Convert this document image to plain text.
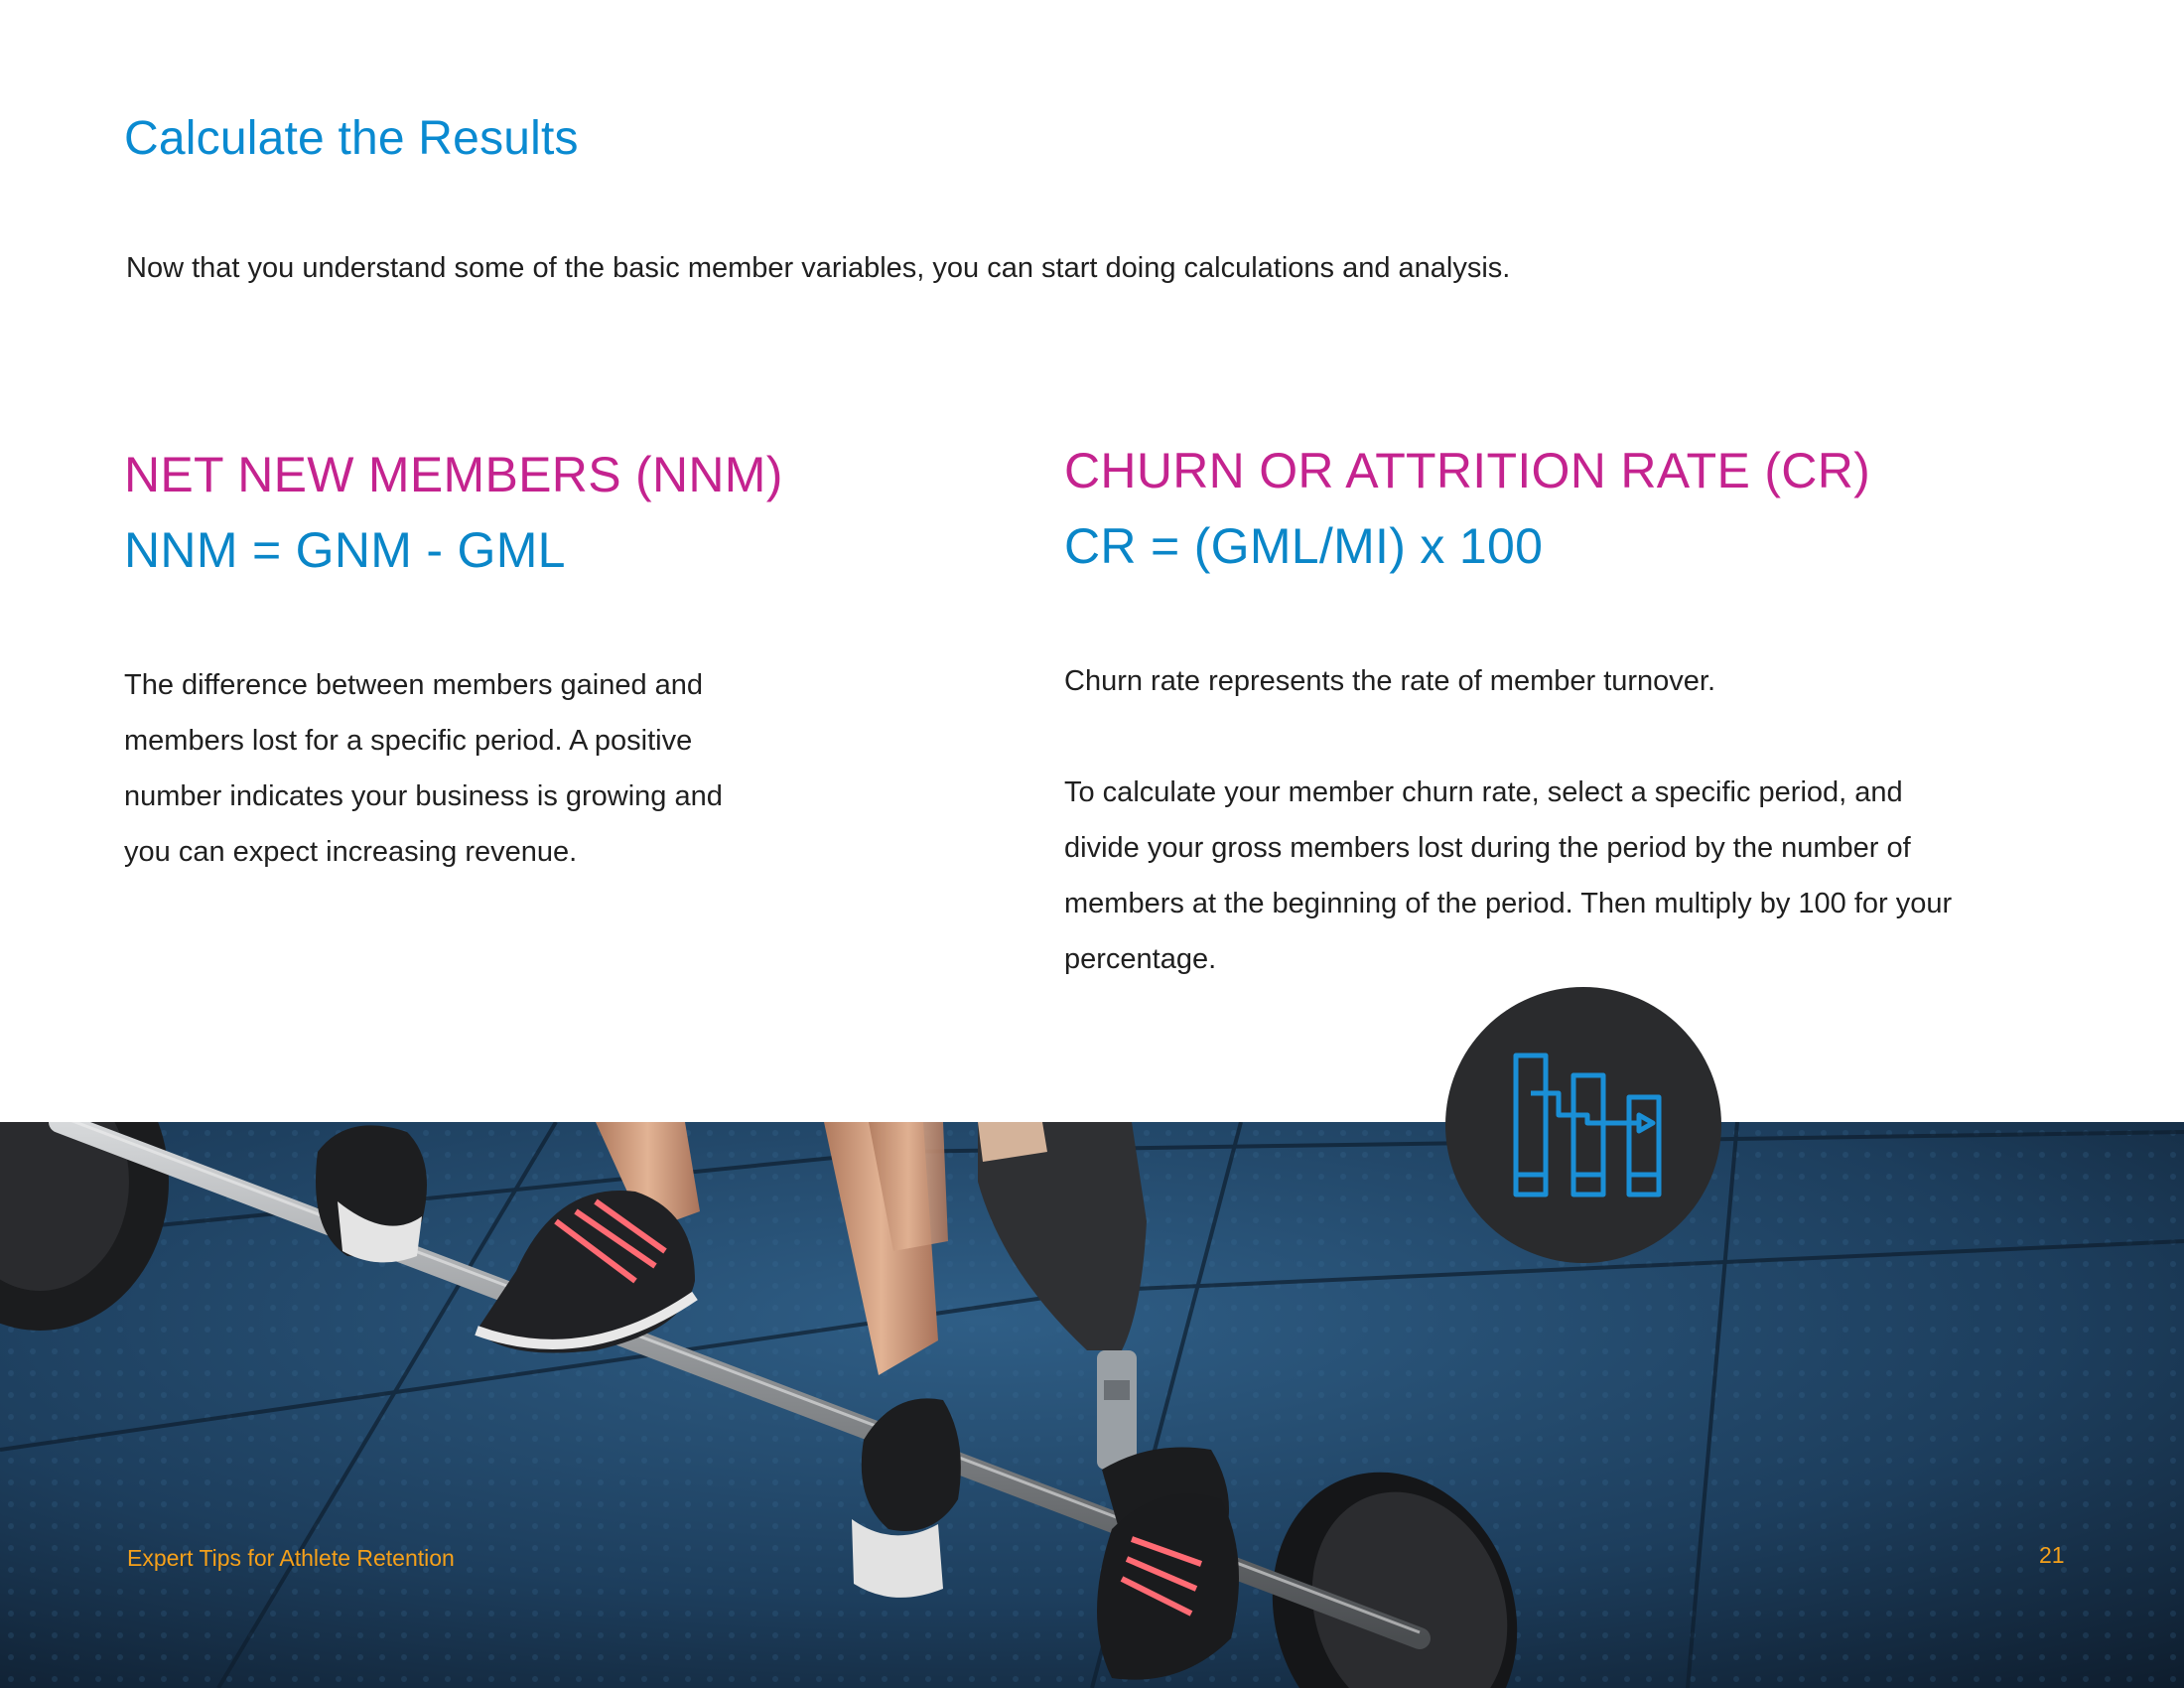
Calculate the Results

Now that you understand some of the basic member variables, you can start doing calculations and analysis.

NET NEW MEMBERS (NNM)
NNM = GNM - GML

The difference between members gained and
members lost for a specific period. A positive
number indicates your business is growing and
you can expect increasing revenue.

CHURN OR ATTRITION RATE (CR)
CR = (GML/MI) x 100

Churn rate represents the rate of member turnover.

To calculate your member churn rate, select a specific period, and
divide your gross members lost during the period by the number of
members at the beginning of the period. Then multiply by 100 for your
percentage.

Expert Tips for Athlete Retention	21
